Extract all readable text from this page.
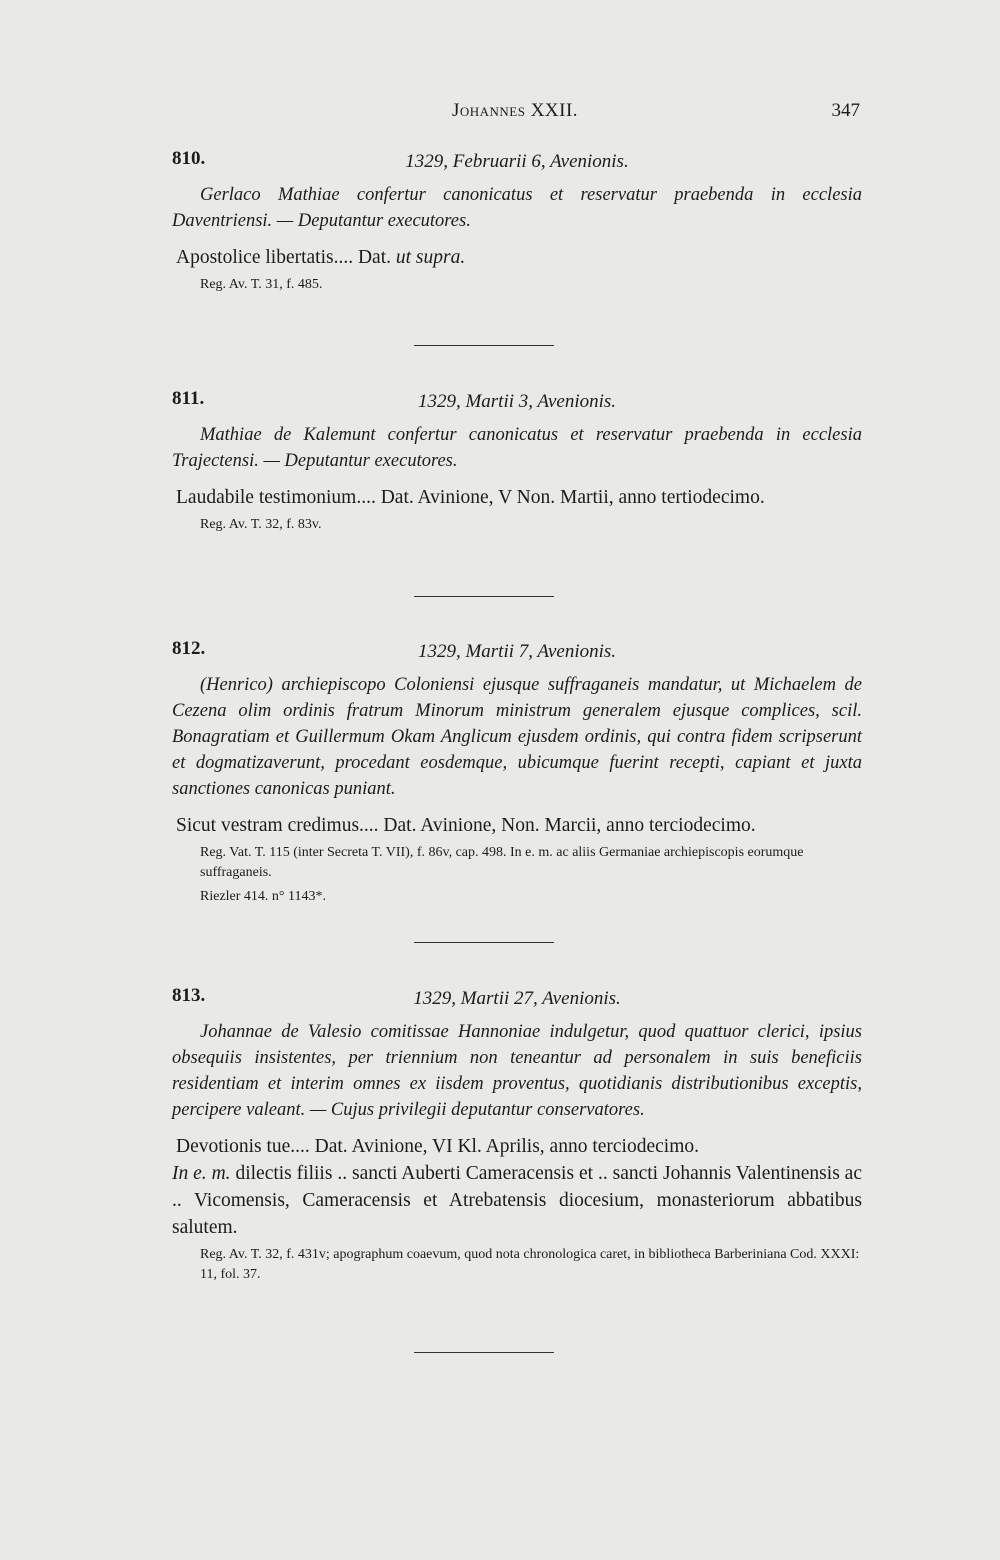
Johannes XXII.	347
810.	1329, Februarii 6, Avenionis.

Gerlaco Mathiae confertur canonicatus et reservatur praebenda in ecclesia Daventriensi. — Deputantur executores.

Apostolice libertatis.... Dat. ut supra.

Reg. Av. T. 31, f. 485.
811.	1329, Martii 3, Avenionis.

Mathiae de Kalemunt confertur canonicatus et reservatur praebenda in ecclesia Trajectensi. — Deputantur executores.

Laudabile testimonium.... Dat. Avinione, V Non. Martii, anno tertiodecimo.

Reg. Av. T. 32, f. 83v.
812.	1329, Martii 7, Avenionis.

(Henrico) archiepiscopo Coloniensi ejusque suffraganeis mandatur, ut Michaelem de Cezena olim ordinis fratrum Minorum ministrum generalem ejusque complices, scil. Bonagratiam et Guillermum Okam Anglicum ejusdem ordinis, qui contra fidem scripserunt et dogmatizaverunt, procedant eosdemque, ubicumque fuerint recepti, capiant et juxta sanctiones canonicas puniant.

Sicut vestram credimus.... Dat. Avinione, Non. Marcii, anno terciodecimo.

Reg. Vat. T. 115 (inter Secreta T. VII), f. 86v, cap. 498. In e. m. ac aliis Germaniae archiepiscopis eorumque suffraganeis.
Riezler 414. n° 1143*.
813.	1329, Martii 27, Avenionis.

Johannae de Valesio comitissae Hannoniae indulgetur, quod quattuor clerici, ipsius obsequiis insistentes, per triennium non teneantur ad personalem in suis beneficiis residentiam et interim omnes ex iisdem proventus, quotidianis distributionibus exceptis, percipere valeant. — Cujus privilegii deputantur conservatores.

Devotionis tue.... Dat. Avinione, VI Kl. Aprilis, anno terciodecimo.
In e. m. dilectis filiis .. sancti Auberti Cameracensis et .. sancti Johannis Valentinensis ac .. Vicomensis, Cameracensis et Atrebatensis diocesium, monasteriorum abbatibus salutem.

Reg. Av. T. 32, f. 431v; apographum coaevum, quod nota chronologica caret, in bibliotheca Barberiniana Cod. XXXI: 11, fol. 37.
